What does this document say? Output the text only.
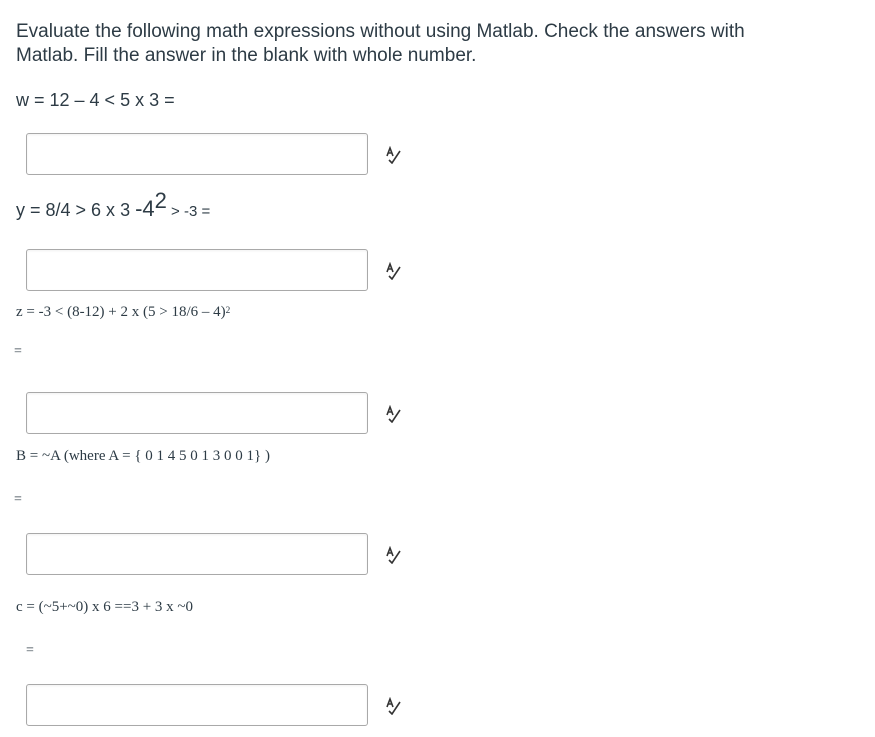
Evaluate the following math expressions without using Matlab. Check the answers with Matlab. Fill the answer in the blank with whole number.
w = 12 – 4 < 5 x 3 =
y = 8/4 > 6 x 3 $-4^2 > -3$ =
z = -3 < (8-12) + 2 x (5 > 18/6 – 4)$^2$
=
B = ~A (where A = { 0 1 4 5 0 1 3 0 0 1} )
=
c = (~5+~0) x 6 ==3 + 3 x ~0
=
